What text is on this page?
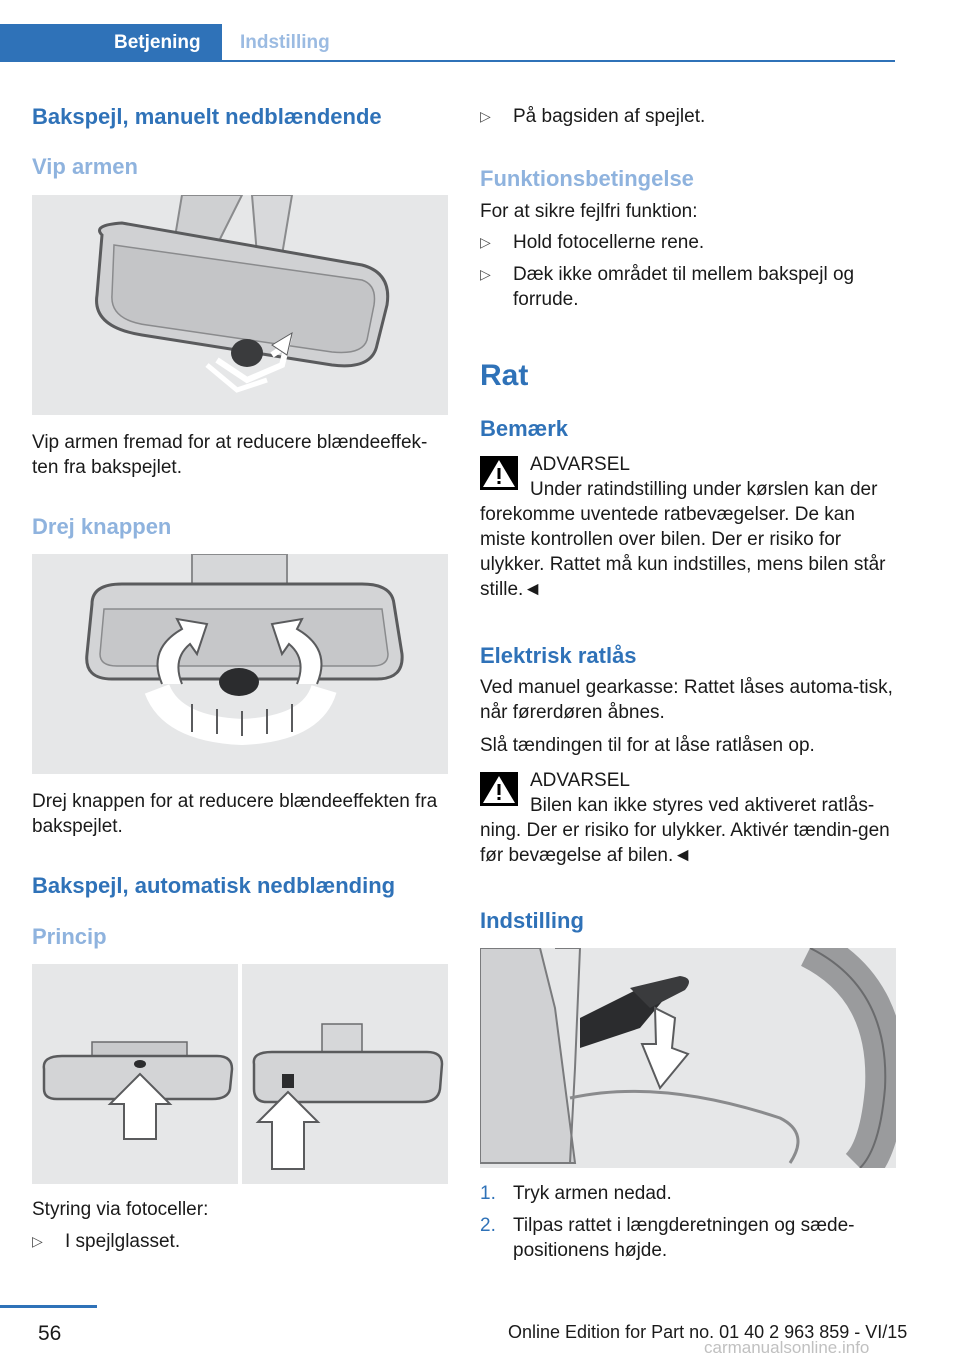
Betjening	Indstilling
Bakspejl, manuelt nedblændende
Vip armen

Vip armen fremad for at reducere blændeeffek-ten fra bakspejlet.

Drej knappen

Drej knappen for at reducere blændeeffekten fra bakspejlet.

Bakspejl, automatisk nedblænding
Princip

Styring via fotoceller:

▷ I spejlglasset.
▷ På bagsiden af spejlet.
Funktionsbetingelse

For at sikre fejlfri funktion:

▷ Hold fotocellerne rene.
▷ Dæk ikke området til mellem bakspejl og forrude.
Rat
Bemærk
ADVARSEL
Under ratindstilling under kørslen kan der forekomme uventede ratbevægelser. De kan miste kontrollen over bilen. Der er risiko for ulykker. Rattet må kun indstilles, mens bilen står stille.◄
Elektrisk ratlås

Ved manuel gearkasse: Rattet låses automa-tisk, når førerdøren åbnes.

Slå tændingen til for at låse ratlåsen op.

ADVARSEL
Bilen kan ikke styres ved aktiveret ratlås-ning. Der er risiko for ulykker. Aktivér tændin-gen før bevægelse af bilen.◄
Indstilling
1. Tryk armen nedad.
2. Tilpas rattet i længderetningen og sæde-positionens højde.
56	Online Edition for Part no. 01 40 2 963 859 - VI/15
carmanualsonline.info
